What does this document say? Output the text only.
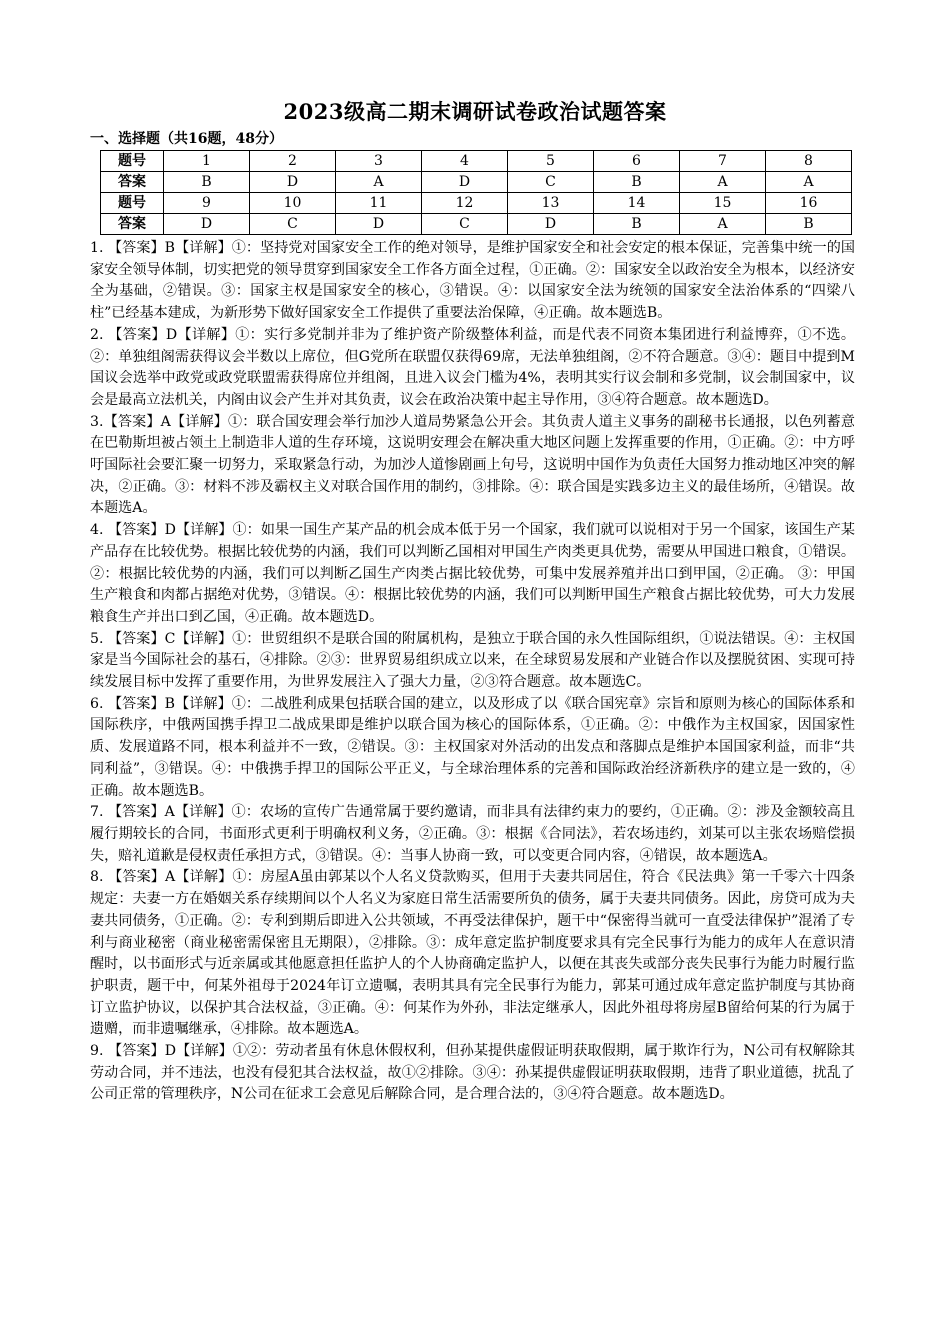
2023级高二期末调研试卷政治试题答案
一、选择题（共16题，48分）
题号	1	2	3	4	5	6	7	8
答案	B	D	A	D	C	B	A	A
题号	9	10	11	12	13	14	15	16
答案	D	C	D	C	D	B	A	B

1. 【答案】B【详解】①：坚持党对国家安全工作的绝对领导，是维护国家安全和社会安定的根本保证，完善集中统一的国家安全领导体制，切实把党的领导贯穿到国家安全工作各方面全过程，①正确。②：国家安全以政治安全为根本，以经济安全为基础，②错误。③：国家主权是国家安全的核心，③错误。④：以国家安全法为统领的国家安全法治体系的“四梁八柱”已经基本建成，为新形势下做好国家安全工作提供了重要法治保障，④正确。故本题选B。

2. 【答案】D【详解】①：实行多党制并非为了维护资产阶级整体利益，而是代表不同资本集团进行利益博弈，①不选。②：单独组阁需获得议会半数以上席位，但G党所在联盟仅获得69席，无法单独组阁，②不符合题意。③④：题目中提到M国议会选举中政党或政党联盟需获得席位并组阁，且进入议会门槛为4%，表明其实行议会制和多党制，议会制国家中，议会是最高立法机关，内阁由议会产生并对其负责，议会在政治决策中起主导作用，③④符合题意。故本题选D。

3.【答案】A【详解】①：联合国安理会举行加沙人道局势紧急公开会。其负责人道主义事务的副秘书长通报，以色列蓄意在巴勒斯坦被占领土上制造非人道的生存环境，这说明安理会在解决重大地区问题上发挥重要的作用，①正确。②：中方呼吁国际社会要汇聚一切努力，采取紧急行动，为加沙人道惨剧画上句号，这说明中国作为负责任大国努力推动地区冲突的解决，②正确。③：材料不涉及霸权主义对联合国作用的制约，③排除。④：联合国是实践多边主义的最佳场所，④错误。故本题选A。

4. 【答案】D【详解】①：如果一国生产某产品的机会成本低于另一个国家，我们就可以说相对于另一个国家，该国生产某产品存在比较优势。根据比较优势的内涵，我们可以判断乙国相对甲国生产肉类更具优势，需要从甲国进口粮食，①错误。 ②：根据比较优势的内涵，我们可以判断乙国生产肉类占据比较优势，可集中发展养殖并出口到甲国，②正确。 ③：甲国生产粮食和肉都占据绝对优势，③错误。④：根据比较优势的内涵，我们可以判断甲国生产粮食占据比较优势，可大力发展粮食生产并出口到乙国，④正确。故本题选D。

5. 【答案】C【详解】①：世贸组织不是联合国的附属机构，是独立于联合国的永久性国际组织，①说法错误。④：主权国家是当今国际社会的基石，④排除。②③：世界贸易组织成立以来，在全球贸易发展和产业链合作以及摆脱贫困、实现可持续发展目标中发挥了重要作用，为世界发展注入了强大力量，②③符合题意。故本题选C。

6. 【答案】B【详解】①：二战胜利成果包括联合国的建立，以及形成了以《联合国宪章》宗旨和原则为核心的国际体系和国际秩序，中俄两国携手捍卫二战成果即是维护以联合国为核心的国际体系，①正确。②：中俄作为主权国家，因国家性质、发展道路不同，根本利益并不一致，②错误。③：主权国家对外活动的出发点和落脚点是维护本国国家利益，而非“共同利益”，③错误。④：中俄携手捍卫的国际公平正义，与全球治理体系的完善和国际政治经济新秩序的建立是一致的，④正确。故本题选B。

7. 【答案】A【详解】①：农场的宣传广告通常属于要约邀请，而非具有法律约束力的要约，①正确。②：涉及金额较高且履行期较长的合同，书面形式更利于明确权利义务，②正确。③：根据《合同法》，若农场违约，刘某可以主张农场赔偿损失，赔礼道歉是侵权责任承担方式，③错误。④：当事人协商一致，可以变更合同内容，④错误，故本题选A。

8. 【答案】A【详解】①：房屋A虽由郭某以个人名义贷款购买，但用于夫妻共同居住，符合《民法典》第一千零六十四条规定：夫妻一方在婚姻关系存续期间以个人名义为家庭日常生活需要所负的债务，属于夫妻共同债务。因此，房贷可成为夫妻共同债务，①正确。②：专利到期后即进入公共领域，不再受法律保护，题干中“保密得当就可一直受法律保护”混淆了专利与商业秘密（商业秘密需保密且无期限），②排除。③：成年意定监护制度要求具有完全民事行为能力的成年人在意识清醒时，以书面形式与近亲属或其他愿意担任监护人的个人协商确定监护人，以便在其丧失或部分丧失民事行为能力时履行监护职责，题干中，何某外祖母于2024年订立遗嘱，表明其具有完全民事行为能力，郭某可通过成年意定监护制度与其协商订立监护协议，以保护其合法权益，③正确。④：何某作为外孙，非法定继承人，因此外祖母将房屋B留给何某的行为属于遗赠，而非遗嘱继承，④排除。故本题选A。

9. 【答案】D【详解】①②：劳动者虽有休息休假权利，但孙某提供虚假证明获取假期，属于欺诈行为，N公司有权解除其劳动合同，并不违法，也没有侵犯其合法权益，故①②排除。③④：孙某提供虚假证明获取假期，违背了职业道德，扰乱了公司正常的管理秩序，N公司在征求工会意见后解除合同，是合理合法的，③④符合题意。故本题选D。
